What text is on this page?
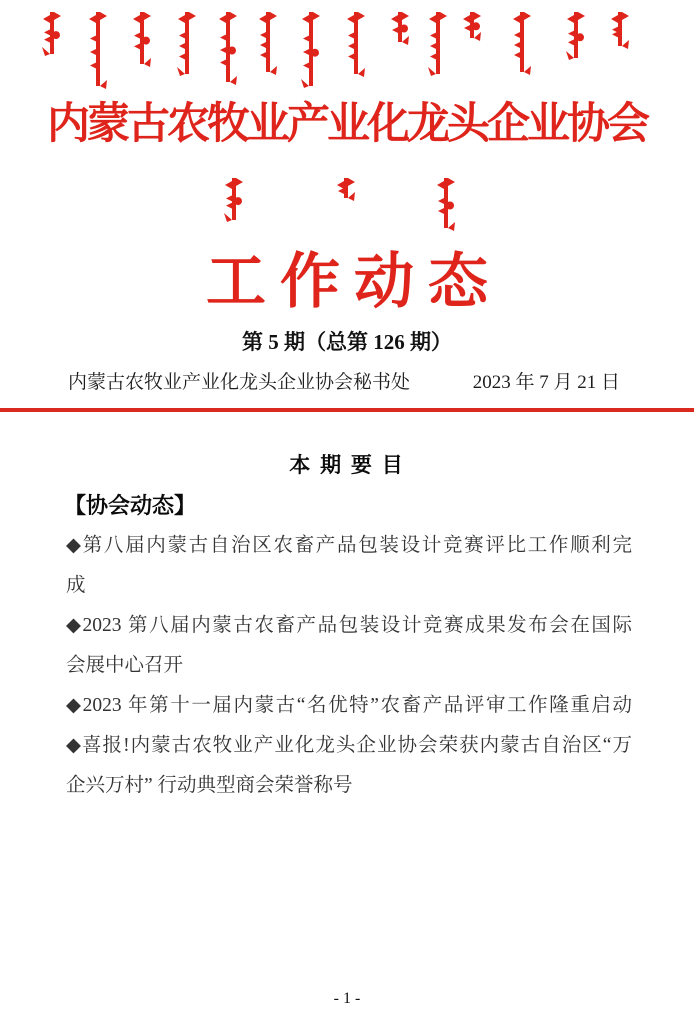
内蒙古农牧业产业化龙头企业协会
工作动态
第 5 期（总第 126 期）
内蒙古农牧业产业化龙头企业协会秘书处	2023 年 7 月 21 日
本 期 要 目
【协会动态】
◆第八届内蒙古自治区农畜产品包装设计竞赛评比工作顺利完
成
◆2023 第八届内蒙古农畜产品包装设计竞赛成果发布会在国际
会展中心召开
◆2023 年第十一届内蒙古“名优特”农畜产品评审工作隆重启动
◆喜报!内蒙古农牧业产业化龙头企业协会荣获内蒙古自治区“万
企兴万村” 行动典型商会荣誉称号
- 1 -
